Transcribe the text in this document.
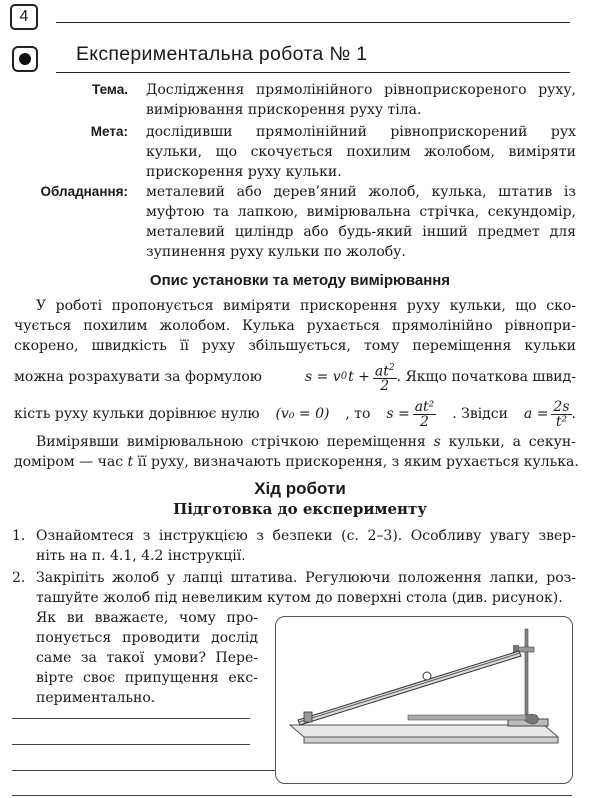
4
Експериментальна робота № 1
Тема. Дослідження прямолінійного рівноприскореного руху,
вимірювання прискорення руху тіла.
Мета: дослідивши прямолінійний рівноприскорений рух
кульки, що скочується похилим жолобом, виміряти
прискорення руху кульки.
Обладнання: металевий або дерев’яний жолоб, кулька, штатив із
муфтою та лапкою, вимірювальна стрічка, секундомір,
металевий циліндр або будь-який інший предмет для
зупинення руху кульки по жолобу.
Опис установки та методу вимірювання
У роботі пропонується виміряти прискорення руху кульки, що ско-
чується похилим жолобом. Кулька рухається прямолінійно рівнопри-
скорено, швидкість її руху збільшується, тому переміщення кульки
можна розрахувати за формулою	s = v 0 $t + \frac{at^2}{2}$ . Якщо початкова швид-
кість руху кульки дорівнює нулю (v₀ = 0) , то $s = \frac{\text{at²}}{2}$ . Звідси $a = \frac{2s}{\text{t²}}$ .
Вимірявши вимірювальною стрічкою переміщення s кульки, а секун-
доміром — час t її руху, визначають прискорення, з яким рухається кулька.
Хід роботи
Підготовка до експерименту
1. Ознайомтеся з інструкцією з безпеки (с. 2–3). Особливу увагу звер-
ніть на п. 4.1, 4.2 інструкції.
2. Закріпіть жолоб у лапці штатива. Регулюючи положення лапки, роз-
ташуйте жолоб під невеликим кутом до поверхні стола (див. рисунок).
Як ви вважаєте, чому про-
понується проводити дослід
саме за такої умови? Пере-
вірте своє припущення екс-
периментально.
